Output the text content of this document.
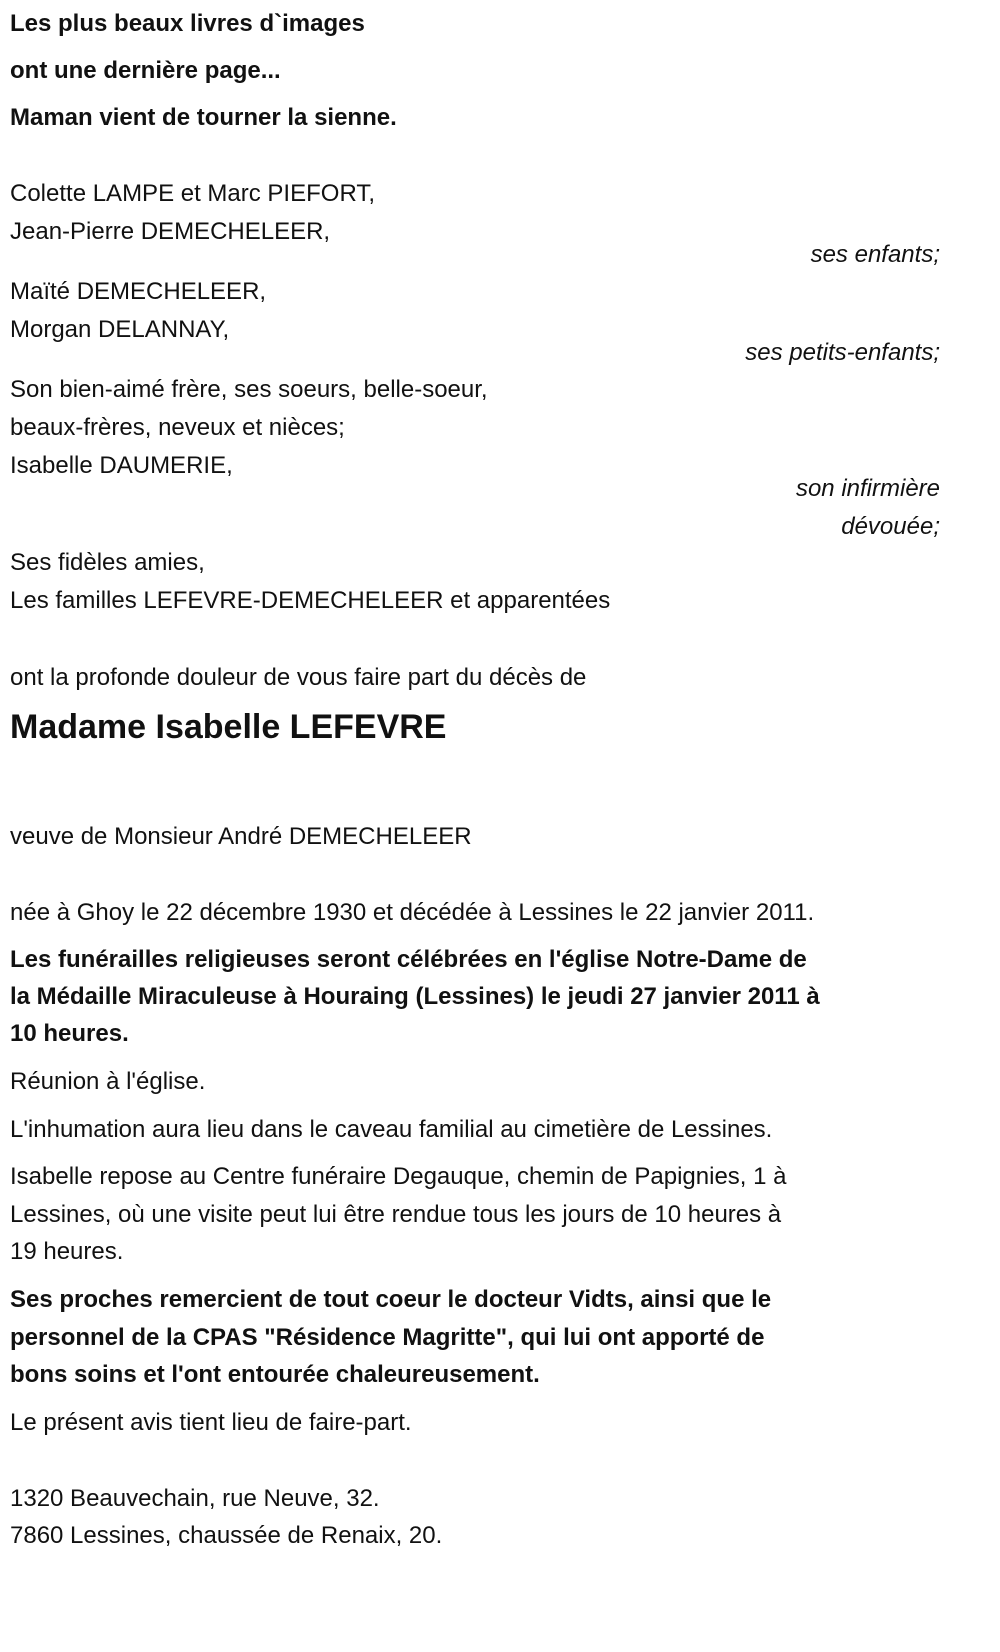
Les plus beaux livres d`images
ont une dernière page...
Maman vient de tourner la sienne.
Colette LAMPE et Marc PIEFORT,
Jean-Pierre DEMECHELEER,
ses enfants;
Maïté DEMECHELEER,
Morgan DELANNAY,
ses petits-enfants;
Son bien-aimé frère, ses soeurs, belle-soeur,
beaux-frères, neveux et nièces;
Isabelle DAUMERIE,
son infirmière
dévouée;
Ses fidèles amies,
Les familles LEFEVRE-DEMECHELEER et apparentées
ont la profonde douleur de vous faire part du décès de
Madame Isabelle LEFEVRE
veuve de Monsieur André DEMECHELEER
née à Ghoy le 22 décembre 1930 et décédée à Lessines le 22 janvier 2011.
Les funérailles religieuses seront célébrées en l'église Notre-Dame de
la Médaille Miraculeuse à Houraing (Lessines) le jeudi 27 janvier 2011 à
10 heures.
Réunion à l'église.
L'inhumation aura lieu dans le caveau familial au cimetière de Lessines.
Isabelle repose au Centre funéraire Degauque, chemin de Papignies, 1 à
Lessines, où une visite peut lui être rendue tous les jours de 10 heures à
19 heures.
Ses proches remercient de tout coeur le docteur Vidts, ainsi que le
personnel de la CPAS "Résidence Magritte", qui lui ont apporté de
bons soins et l'ont entourée chaleureusement.
Le présent avis tient lieu de faire-part.
1320 Beauvechain, rue Neuve, 32.
7860 Lessines, chaussée de Renaix, 20.
